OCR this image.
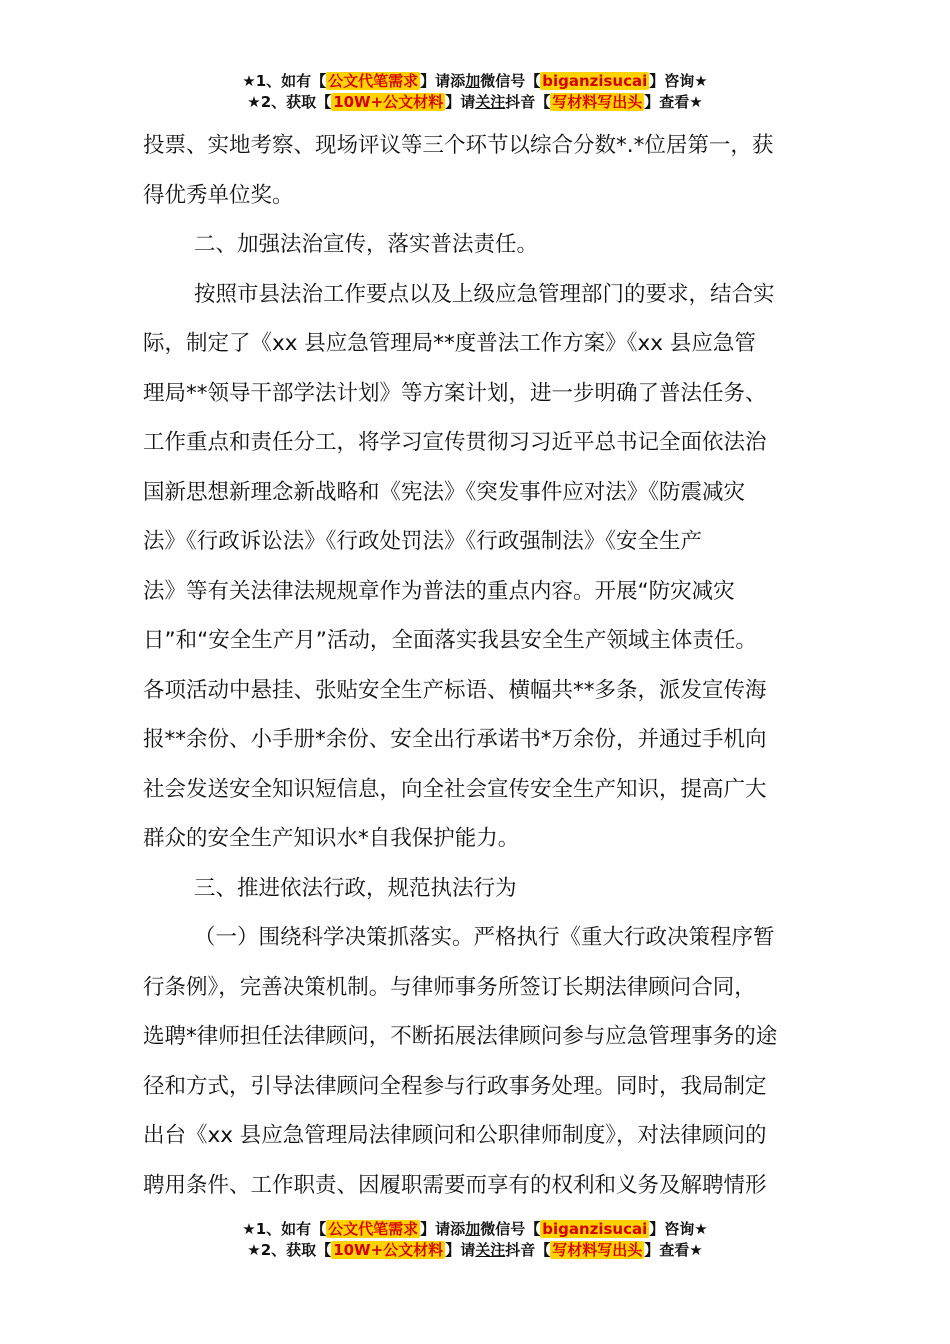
★1、如有【 公文代笔需求 】请添加微信号【 biganzisucai 】咨询★
★2、获取【 10W+公文材料 】请关注抖音【 写材料写出头 】查看★
投票、实地考察、现场评议等三个环节以综合分数*.*位居第一，获
得优秀单位奖。
二、加强法治宣传，落实普法责任。
按照市县法治工作要点以及上级应急管理部门的要求，结合实
际，制定了《xx 县应急管理局**度普法工作方案》《xx 县应急管
理局**领导干部学法计划》等方案计划，进一步明确了普法任务、
工作重点和责任分工，将学习宣传贯彻习习近平总书记全面依法治
国新思想新理念新战略和《宪法》《突发事件应对法》《防震减灾
法》《行政诉讼法》《行政处罚法》《行政强制法》《安全生产
法》等有关法律法规规章作为普法的重点内容。开展“防灾减灾
日”和“安全生产月”活动，全面落实我县安全生产领域主体责任。
各项活动中悬挂、张贴安全生产标语、横幅共**多条，派发宣传海
报**余份、小手册*余份、安全出行承诺书*万余份，并通过手机向
社会发送安全知识短信息，向全社会宣传安全生产知识，提高广大
群众的安全生产知识水*自我保护能力。
三、推进依法行政，规范执法行为
（一）围绕科学决策抓落实。严格执行《重大行政决策程序暂
行条例》，完善决策机制。与律师事务所签订长期法律顾问合同，
选聘*律师担任法律顾问，不断拓展法律顾问参与应急管理事务的途
径和方式，引导法律顾问全程参与行政事务处理。同时，我局制定
出台《xx 县应急管理局法律顾问和公职律师制度》，对法律顾问的
聘用条件、工作职责、因履职需要而享有的权利和义务及解聘情形
★1、如有【 公文代笔需求 】请添加微信号【 biganzisucai 】咨询★
★2、获取【 10W+公文材料 】请关注抖音【 写材料写出头 】查看★
